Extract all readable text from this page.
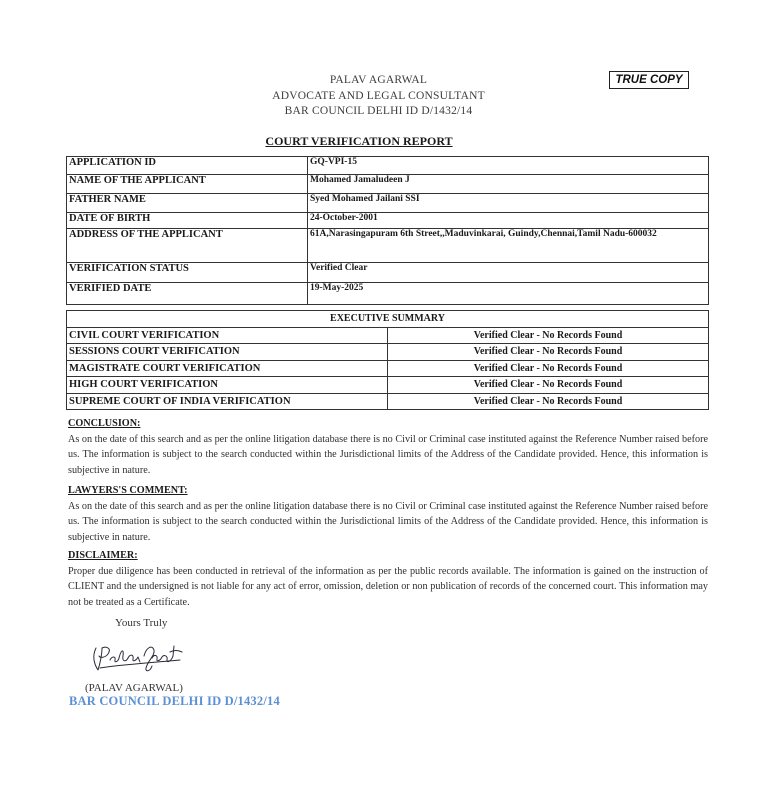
PALAV AGARWAL
ADVOCATE AND LEGAL CONSULTANT
BAR COUNCIL DELHI ID D/1432/14
TRUE COPY
COURT VERIFICATION REPORT
APPLICATION ID	GQ-VPI-15
NAME OF THE APPLICANT	Mohamed Jamaludeen J
FATHER NAME	Syed Mohamed Jailani SSI
DATE OF BIRTH	24-October-2001
ADDRESS OF THE APPLICANT	61A,Narasingapuram 6th Street,,Maduvinkarai, Guindy,Chennai,Tamil Nadu-600032
VERIFICATION STATUS	Verified Clear
VERIFIED DATE	19-May-2025
EXECUTIVE SUMMARY	
CIVIL COURT VERIFICATION	Verified Clear - No Records Found
SESSIONS COURT VERIFICATION	Verified Clear - No Records Found
MAGISTRATE COURT VERIFICATION	Verified Clear - No Records Found
HIGH COURT VERIFICATION	Verified Clear - No Records Found
SUPREME COURT OF INDIA VERIFICATION	Verified Clear - No Records Found
CONCLUSION:
As on the date of this search and as per the online litigation database there is no Civil or Criminal case instituted against the Reference Number raised before us. The information is subject to the search conducted within the Jurisdictional limits of the Address of the Candidate provided. Hence, this information is subjective in nature.
LAWYERS'S COMMENT:
As on the date of this search and as per the online litigation database there is no Civil or Criminal case instituted against the Reference Number raised before us. The information is subject to the search conducted within the Jurisdictional limits of the Address of the Candidate provided. Hence, this information is subjective in nature.
DISCLAIMER:
Proper due diligence has been conducted in retrieval of the information as per the public records available. The information is gained on the instruction of CLIENT and the undersigned is not liable for any act of error, omission, deletion or non publication of records of the concerned court. This information may not be treated as a Certificate.
Yours Truly
(PALAV AGARWAL)
BAR COUNCIL DELHI ID D/1432/14
